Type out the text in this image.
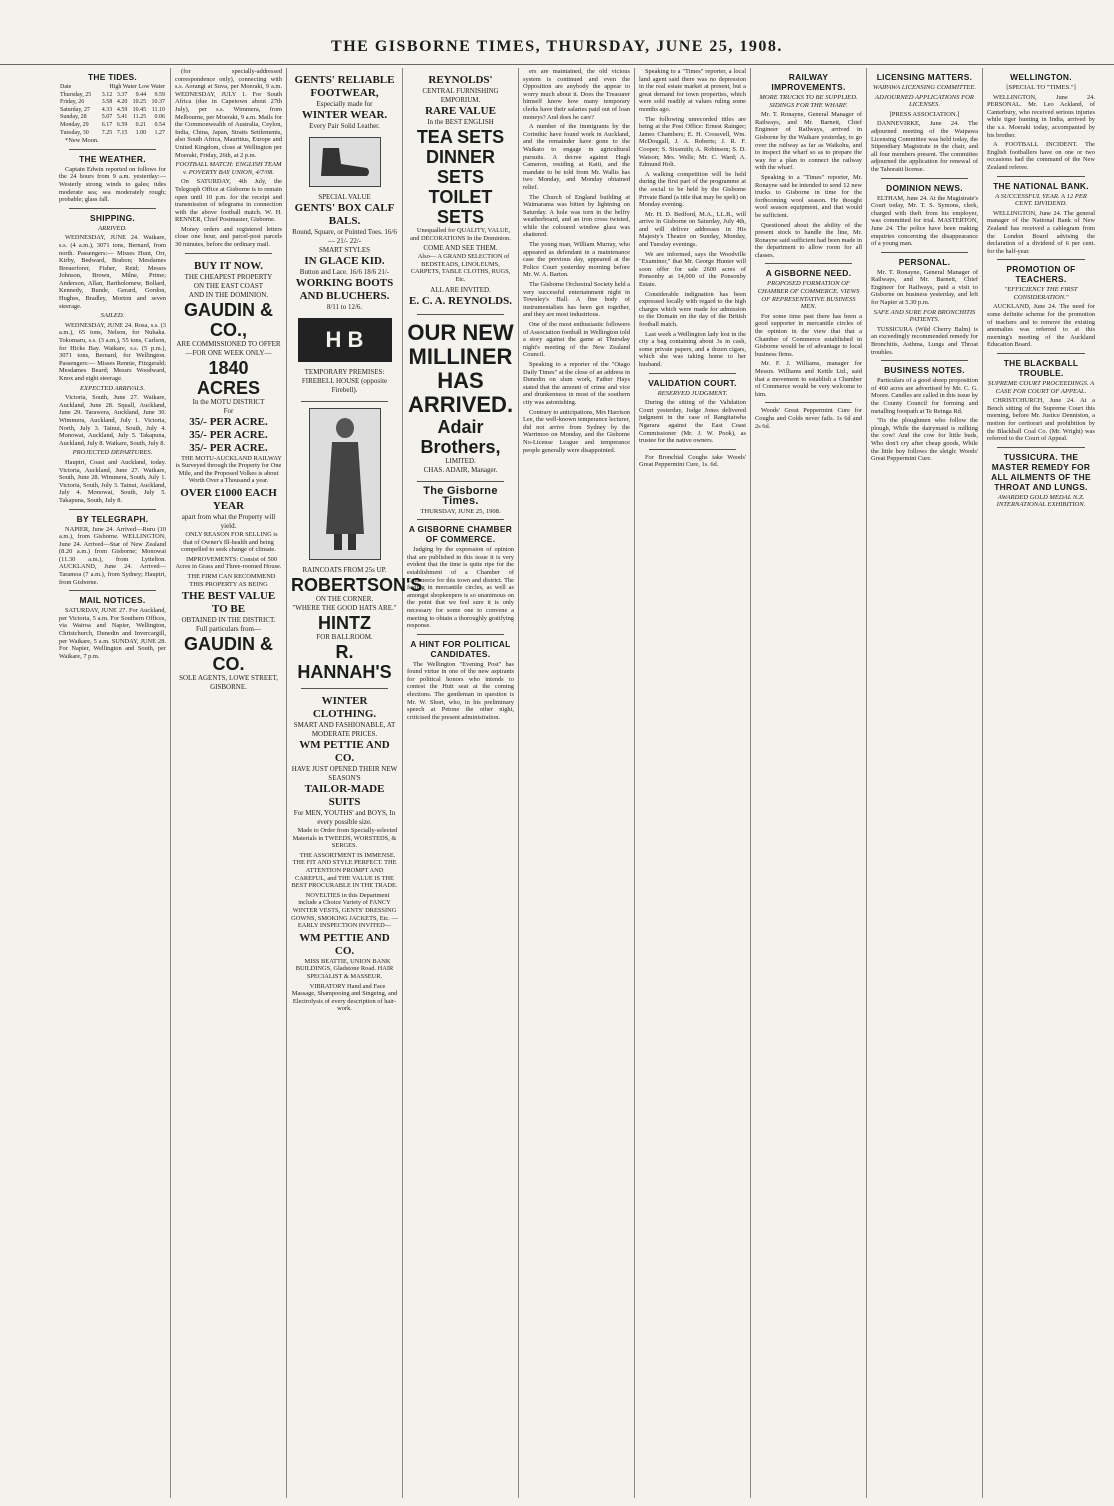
THE GISBORNE TIMES, THURSDAY, JUNE 25, 1908.
THE TIDES.
Date	High Water Low Water			
Thursday, 25	3.12	3.37	9.44	9.59
Friday, 26	3.58	4.20	10.25	10.37
Saturday, 27	4.33	4.59	10.45	11.10
Sunday, 28	5.07	5.41	11.25	0.06
Monday, 29	6.17	6.59	0.21	0.54
Tuesday, 30	7.25	7.15	1.00	1.27

*New Moon.

THE WEATHER.

Captain Edwin reported on follows for the 24 hours from 9 a.m. yesterday:— Westerly strong winds to gales; tides moderate sea; sea moderately rough; probable; glass fall.

SHIPPING.
ARRIVED.

WEDNESDAY, JUNE 24. Waikare, s.s. (4 a.m.), 3071 tons, Bernard, from north. Passengers:— Misses Hunt, Orr, Kirby, Bedward, Brabon; Mesdames Breuerforer, Fisher, Reid; Messrs Johnson, Brown, Milne, Prime; Anderson, Allan, Bartholomew, Bollard, Kennedy, Bunde, Gerard, Gordon, Hughes, Bradley, Morton and seven steerage.

SAILED.

WEDNESDAY, JUNE 24. Rosa, s.s. (3 a.m.), 65 tons, Nelson, for Nuhaka. Tokomaru, s.s. (3 a.m.), 55 tons, Carlson, for Hicks Bay. Waikare, s.s. (5 p.m.), 3071 tons, Bernard, for Wellington. Passengers:— Misses Rennie, Fitzgerald; Mesdames Beard; Messrs Woodward, Knox and eight steerage.

EXPECTED ARRIVALS.

Victoria, South, June 27. Waikare, Auckland, June 28. Squall, Auckland, June 29. Tarawera, Auckland, June 30. Wimmera, Auckland, July 1. Victoria, North, July 3. Tainui, South, July 4. Monowai, Auckland, July 5. Takapuna, Auckland, July 8. Waikare, South, July 8.

PROJECTED DEPARTURES.

Haupiri, Coast and Auckland, today. Victoria, Auckland, June 27. Waikare, South, June 28. Wimmera, South, July 1. Victoria, South, July 3. Tainui, Auckland, July 4. Monowai, South, July 5. Takapuna, South, July 8.

BY TELEGRAPH.

NAPIER, June 24. Arrived—Ruru (10 a.m.), from Gisborne. WELLINGTON, June 24. Arrived—Star of New Zealand (8.20 a.m.) from Gisborne; Monowai (11.30 a.m.), from Lyttelton. AUCKLAND, June 24. Arrived—Taramoa (7 a.m.), from Sydney; Haupiri, from Gisborne.

MAIL NOTICES.

SATURDAY, JUNE 27. For Auckland, per Victoria, 5 a.m. For Southern Offices, via Wairoa and Napier, Wellington, Christchurch, Dunedin and Invercargill, per Waikare, 5 a.m. SUNDAY, JUNE 28. For Napier, Wellington and South, per Waikare, 7 p.m.

(for specially-addressed correspondence only), connecting with s.s. Aorangi at Suva, per Moeraki, 9 a.m. WEDNESDAY, JULY 1. For South Africa (due in Capetown about 27th July), per s.s. Wimmera, from Melbourne, per Moeraki, 9 a.m. Mails for the Commonwealth of Australia, Ceylon, India, China, Japan, Straits Settlements, also South Africa, Mauritius, Europe and United Kingdom, close at Wellington per Moeraki, Friday, 26th, at 2 p.m.

FOOTBALL MATCH: ENGLISH TEAM v. POVERTY BAY UNION, 4/7/08.

On SATURDAY, 4th July, the Telegraph Office at Gisborne is to remain open until 10 p.m. for the receipt and transmission of telegrams in connection with the above football match. W. H. RENNER, Chief Postmaster, Gisborne.

Money orders and registered letters close one hour, and parcel-post parcels 30 minutes, before the ordinary mail.

BUY IT NOW.
THE CHEAPEST PROPERTY
ON THE EAST COAST
AND IN THE DOMINION.
GAUDIN & CO.,
ARE COMMISSIONED TO OFFER —FOR ONE WEEK ONLY—
1840 ACRES
In the MOTU DISTRICT
For
35/- PER ACRE.
35/- PER ACRE.
35/- PER ACRE.

THE MOTU-AUCKLAND RAILWAY is Surveyed through the Property for One Mile, and the Proposed Volkes is about Worth Over a Thousand a year.

OVER £1000 EACH YEAR
apart from what the Property will yield.

ONLY REASON FOR SELLING is that of Owner's Ill-health and being compelled to seek change of climate.

IMPROVEMENTS: Consist of 500 Acres in Grass and Three-roomed House.

THE FIRM CAN RECOMMEND THIS PROPERTY AS BEING

THE BEST VALUE TO BE
OBTAINED IN THE DISTRICT. Full particulars from—
GAUDIN & CO.
SOLE AGENTS, LOWE STREET, GISBORNE.
GENTS' RELIABLE FOOTWEAR,
Especially made for
WINTER WEAR.
Every Pair Solid Leather.
SPECIAL VALUE
GENTS' BOX CALF BALS.
Round, Square, or Pointed Toes. 16/6 — 21/- 22/-
SMART STYLES
IN GLACE KID.
Button and Lace. 16/6 18/6 21/-
WORKING BOOTS AND BLUCHERS.
8/11 to 12/6.
H B
TEMPORARY PREMISES: FIREBELL HOUSE (opposite Firebell).
RAINCOATS FROM 25s UP.
ROBERTSON'S
ON THE CORNER.
"WHERE THE GOOD HATS ARE."
HINTZ
FOR BALLROOM.
R. HANNAH'S
WINTER CLOTHING.
SMART AND FASHIONABLE, AT MODERATE PRICES.
WM PETTIE AND CO.
HAVE JUST OPENED THEIR NEW SEASON'S
TAILOR-MADE SUITS
For MEN, YOUTHS' and BOYS, In every possible size.

Made to Order from Specially-selected Materials in TWEEDS, WORSTEDS, & SERGES.

THE ASSORTMENT IS IMMENSE. THE FIT AND STYLE PERFECT. THE ATTENTION PROMPT AND CAREFUL, and THE VALUE IS THE BEST PROCURABLE IN THE TRADE.

NOVELTIES in this Department include a Choice Variety of FANCY WINTER VESTS, GENTS' DRESSING GOWNS, SMOKING JACKETS, Etc. —EARLY INSPECTION INVITED—

WM PETTIE AND CO.

MISS BEATTIE, UNION BANK BUILDINGS, Gladstone Road. HAIR SPECIALIST & MASSEUR.

VIBRATORY Hand and Face Massage, Shampooing and Singeing, and Electrolysis of every description of hair-work.

REYNOLDS'
CENTRAL FURNISHING EMPORIUM.
RARE VALUE
In the BEST ENGLISH
TEA SETS
DINNER SETS
TOILET SETS

Unequalled for QUALITY, VALUE, and DECORATIONS In the Dominion.

COME AND SEE THEM.

Also— A GRAND SELECTION of BEDSTEADS, LINOLEUMS, CARPETS, TABLE CLOTHS, RUGS, Etc.

ALL ARE INVITED.
E. C. A. REYNOLDS.
OUR NEW MILLINER HAS ARRIVED.
Adair Brothers,
LIMITED.
CHAS. ADAIR, Manager.
The Gisborne Times.
THURSDAY, JUNE 25, 1908.
A GISBORNE CHAMBER OF COMMERCE.

Judging by the expression of opinion that are published in this issue it is very evident that the time is quite ripe for the establishment of a Chamber of Commerce for this town and district. The feeling in mercantile circles, as well as amongst shopkeepers is so unanimous on the point that we feel sure it is only necessary for some one to convene a meeting to obtain a thoroughly gratifying response.

A HINT FOR POLITICAL CANDIDATES.

The Wellington "Evening Post" has found virtue in one of the new aspirants for political honors who intends to contest the Hutt seat at the coming elections. The gentleman in question is Mr. W. Short, who, in his preliminary speech at Petone the other night, criticised the present administration.

ers are maintained, the old vicious system is continued and even the Opposition are anybody the appear to worry much about it. Does the Treasurer himself know how many temporary clerks have their salaries paid out of loan moneys? And does he care?

A number of the immigrants by the Corinthic have found work in Auckland, and the remainder have gone to the Waikato to engage in agricultural pursuits. A decree against Hugh Cameron, residing at Kaiti, and the mandate to be told from Mr. Wallis has two Monday, and Monday obtained relief.

The Church of England building at Waimarama was bitten by lightning on Saturday. A hole was torn in the belfry weatherboard, and an iron cross twisted, while the coloured window glass was shattered.

The young man, William Murray, who appeared as defendant in a maintenance case the previous day, appeared at the Police Court yesterday morning before Mr. W. A. Barton.

The Gisborne Orchestral Society held a very successful entertainment night in Townley's Hall. A fine body of instrumentalists has been got together, and they are most industrious.

One of the most enthusiastic followers of Association football in Wellington told a story against the game at Thursday night's meeting of the New Zealand Council.

Speaking to a reporter of the "Otago Daily Times" at the close of an address in Dunedin on slum work, Father Hays stated that the amount of crime and vice and drunkenness in most of the southern city was astonishing.

Contrary to anticipations, Mrs Harrison Lee, the well-known temperance lecturer, did not arrive from Sydney by the Warrimoo on Monday, and the Gisborne No-License League and temperance people generally were disappointed.

Speaking to a "Times" reporter, a local land agent said there was no depression in the real estate market at present, but a great demand for town properties, which were sold readily at values ruling some months ago.

The following unrecorded titles are being at the Post Office: Ernest Rainger; James Chambers; E. H. Crossvell, Wm. McDougall, J. A. Roberts; J. R. F. Cooper; S. Sixsmith; A. Robinson; S. D. Watson; Mrs. Wells; Mr. C. Ward; A. Edmund Holt.

A walking competition will be held during the first part of the programme at the social to be held by the Gisborne Private Band (a title that may be spelt) on Monday evening.

Mr. H. D. Bedford, M.A., LL.B., will arrive in Gisborne on Saturday, July 4th, and will deliver addresses in His Majesty's Theatre on Sunday, Monday, and Tuesday evenings.

We are informed, says the Woodville "Examiner," that Mr. George Hunter will soon offer for sale 2600 acres of Ponsonby at 14,000 of the Ponsonby Estate.

Considerable indignation has been expressed locally with regard to the high charges which were made for admission to the Domain on the day of the British football match.

Last week a Wellington lady lost in the city a bag containing about 3s in cash, some private papers, and a dozen cigars, which she was taking home to her husband.

VALIDATION COURT.
RESERVED JUDGMENT.

During the sitting of the Validation Court yesterday, Judge Jones delivered judgment in the case of Rangitaiwha Ngarara against the East Coast Commissioner (Mr. J. W. Pook), as trustee for the native owners.

For Bronchial Coughs take Woods' Great Peppermint Cure, 1s. 6d.

RAILWAY IMPROVEMENTS.
MORE TRUCKS TO BE SUPPLIED. SIDINGS FOR THE WHARF.

Mr. T. Ronayne, General Manager of Railways, and Mr. Barnett, Chief Engineer of Railways, arrived in Gisborne by the Waikare yesterday, to go over the railway as far as Waikohu, and to inspect the wharf so as to prepare the way for a plan to connect the railway with the wharf.

Speaking to a "Times" reporter, Mr. Ronayne said he intended to send 12 new trucks to Gisborne in time for the forthcoming wool season. He thought wool season equipment, and that would be sufficient.

Questioned about the ability of the present stock to handle the line, Mr. Ronayne said sufficient had been made in the department to allow room for all classes.

A GISBORNE NEED.
PROPOSED FORMATION OF CHAMBER OF COMMERCE. VIEWS OF REPRESENTATIVE BUSINESS MEN.

For some time past there has been a good supporter in mercantile circles of the opinion in the view that that a Chamber of Commerce established in Gisborne would be of advantage to local business firms.

Mr. F. J. Williams, manager for Messrs. Williams and Kettle Ltd., said that a movement to establish a Chamber of Commerce would be very welcome to him.

Woods' Great Peppermint Cure for Coughs and Colds never fails. 1s 6d and 2s 6d.

LICENSING MATTERS.
WAIPAWA LICENSING COMMITTEE.
ADJOURNED APPLICATIONS FOR LICENSES.
[PRESS ASSOCIATION.]

DANNEVIRKE, June 24. The adjourned meeting of the Waipawa Licensing Committee was held today, the Stipendiary Magistrate in the chair, and all four members present. The committee adjourned the application for renewal of the Tahoraiti license.

DOMINION NEWS.

ELTHAM, June 24. At the Magistrate's Court today, Mr. T. S. Symons, clerk, charged with theft from his employer, was committed for trial. MASTERTON, June 24. The police have been making enquiries concerning the disappearance of a young man.

PERSONAL.

Mr. T. Ronayne, General Manager of Railways, and Mr. Barnett, Chief Engineer for Railways, paid a visit to Gisborne on business yesterday, and left for Napier at 5.30 p.m.

SAFE AND SURE FOR BRONCHITIS PATIENTS.

TUSSICURA (Wild Cherry Balm) is an exceedingly recommended remedy for Bronchitis, Asthma, Lungs and Throat troubles.

BUSINESS NOTES.

Particulars of a good sheep proposition of 460 acres are advertised by Mr. C. G. Moore. Candles are called in this issue by the County Council for forming and metalling footpath at Te Reinga Rd.

'Tis the ploughmen who follow the plough, While the dairymaid is milking the cow! And the cow for little buds, Who don't cry after cheap goods, While the little boy follows the sleigh: Woods' Great Peppermint Cure.

WELLINGTON.
[SPECIAL TO "TIMES."]

WELLINGTON, June 24. PERSONAL. Mr. Leo Ackland, of Canterbury, who received serious injuries while tiger hunting in India, arrived by the s.s. Moeraki today, accompanied by his brother.

A FOOTBALL INCIDENT. The English footballers have on one or two occasions had the command of the New Zealand referee.

THE NATIONAL BANK.
A SUCCESSFUL YEAR. A 12 PER CENT. DIVIDEND.

WELLINGTON, June 24. The general manager of the National Bank of New Zealand has received a cablegram from the London Board advising the declaration of a dividend of 6 per cent. for the half-year.

PROMOTION OF TEACHERS.
"EFFICIENCY THE FIRST CONSIDERATION."

AUCKLAND, June 24. The need for some definite scheme for the promotion of teachers and to remove the existing anomalies was referred to at this morning's meeting of the Auckland Education Board.

THE BLACKBALL TROUBLE.
SUPREME COURT PROCEEDINGS. A CASE FOR COURT OF APPEAL.

CHRISTCHURCH, June 24. At a Bench sitting of the Supreme Court this morning, before Mr. Justice Denniston, a motion for certiorari and prohibition by the Blackball Coal Co. (Mr. Wright) was referred to the Court of Appeal.

TUSSICURA. THE MASTER REMEDY FOR ALL AILMENTS OF THE THROAT AND LUNGS.
AWARDED GOLD MEDAL N.Z. INTERNATIONAL EXHIBITION.
